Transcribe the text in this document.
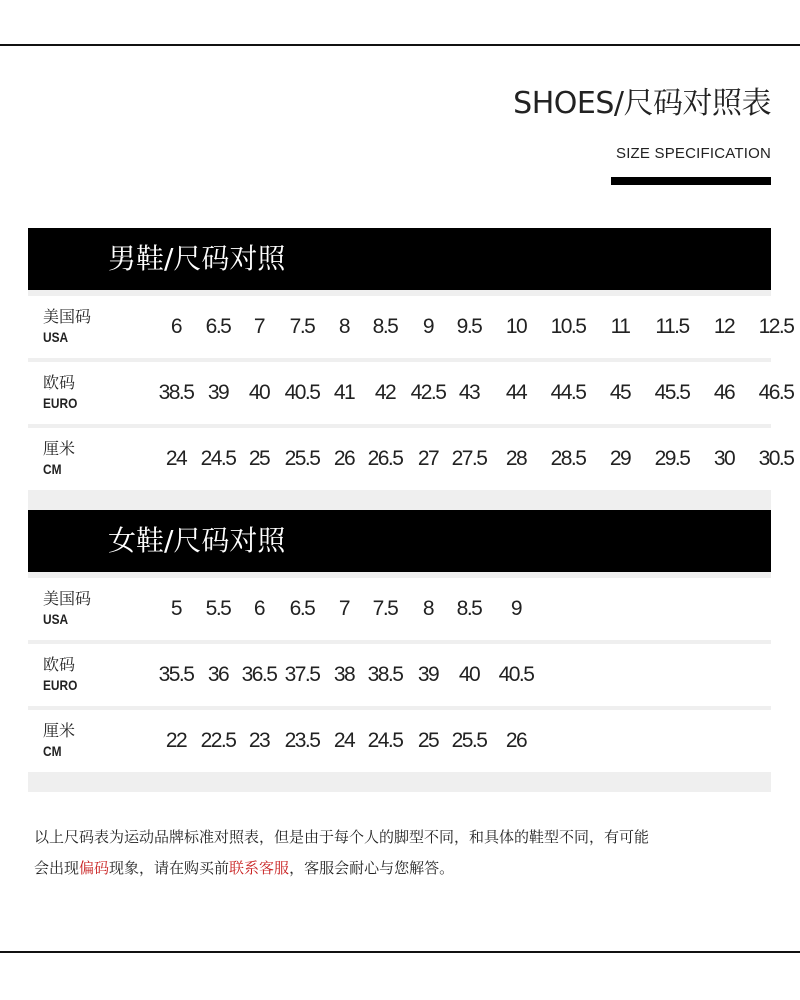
SHOES/尺码对照表
SIZE SPECIFICATION
男鞋/尺码对照
美国码
USA	6 6.5 7 7.5 8 8.5 9 9.5 10 10.5 11 11.5 12 12.5
欧码
EURO	38.5 39 40 40.5 41 42 42.5 43 44 44.5 45 45.5 46 46.5
厘米
CM	24 24.5 25 25.5 26 26.5 27 27.5 28 28.5 29 29.5 30 30.5
女鞋/尺码对照
美国码
USA	5 5.5 6 6.5 7 7.5 8 8.5 9
欧码
EURO	35.5 36 36.5 37.5 38 38.5 39 40 40.5
厘米
CM	22 22.5 23 23.5 24 24.5 25 25.5 26
以上尺码表为运动品牌标准对照表，但是由于每个人的脚型不同，和具体的鞋型不同，有可能
会出现偏码现象，请在购买前联系客服，客服会耐心与您解答。
